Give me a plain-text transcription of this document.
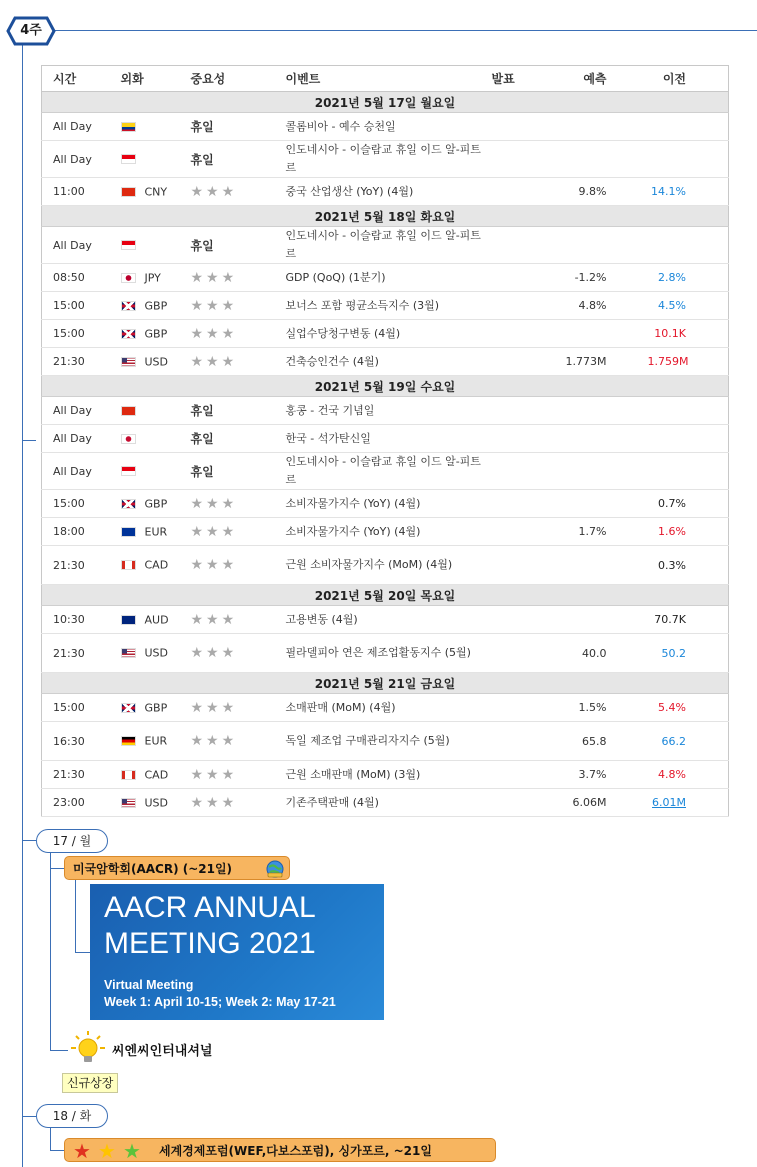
4주
시간	외화	중요성	이벤트	발표	예측	이전
2021년 5월 17일 월요일						
All Day		휴일	콜롬비아 - 예수 승천일			
All Day		휴일	인도네시아 - 이슬람교 휴일 이드 알-피트르			
11:00	CNY	★★★	중국 산업생산 (YoY) (4월)		9.8%	14.1%
2021년 5월 18일 화요일						
All Day		휴일	인도네시아 - 이슬람교 휴일 이드 알-피트르			
08:50	JPY	★★★	GDP (QoQ) (1분기)		-1.2%	2.8%
15:00	GBP	★★★	보너스 포함 평균소득지수 (3월)		4.8%	4.5%
15:00	GBP	★★★	실업수당청구변동 (4월)			10.1K
21:30	USD	★★★	건축승인건수 (4월)		1.773M	1.759M
2021년 5월 19일 수요일						
All Day		휴일	홍콩 - 건국 기념일			
All Day		휴일	한국 - 석가탄신일			
All Day		휴일	인도네시아 - 이슬람교 휴일 이드 알-피트르			
15:00	GBP	★★★	소비자물가지수 (YoY) (4월)			0.7%
18:00	EUR	★★★	소비자물가지수 (YoY) (4월)		1.7%	1.6%
21:30	CAD	★★★	근원 소비자물가지수 (MoM) (4월)			0.3%
2021년 5월 20일 목요일						
10:30	AUD	★★★	고용변동 (4월)			70.7K
21:30	USD	★★★	필라델피아 연은 제조업활동지수 (5월)		40.0	50.2
2021년 5월 21일 금요일						
15:00	GBP	★★★	소매판매 (MoM) (4월)		1.5%	5.4%
16:30	EUR	★★★	독일 제조업 구매관리자지수 (5월)		65.8	66.2
21:30	CAD	★★★	근원 소매판매 (MoM) (3월)		3.7%	4.8%
23:00	USD	★★★	기존주택판매 (4월)		6.06M	6.01M
17 / 월
미국암학회(AACR) (~21일)
AACR ANNUAL
MEETING 2021
Virtual Meeting
Week 1: April 10-15; Week 2: May 17-21
씨엔씨인터내셔널
신규상장
18 / 화
★ ★ ★ 세계경제포럼(WEF,다보스포럼), 싱가포르, ~21일
